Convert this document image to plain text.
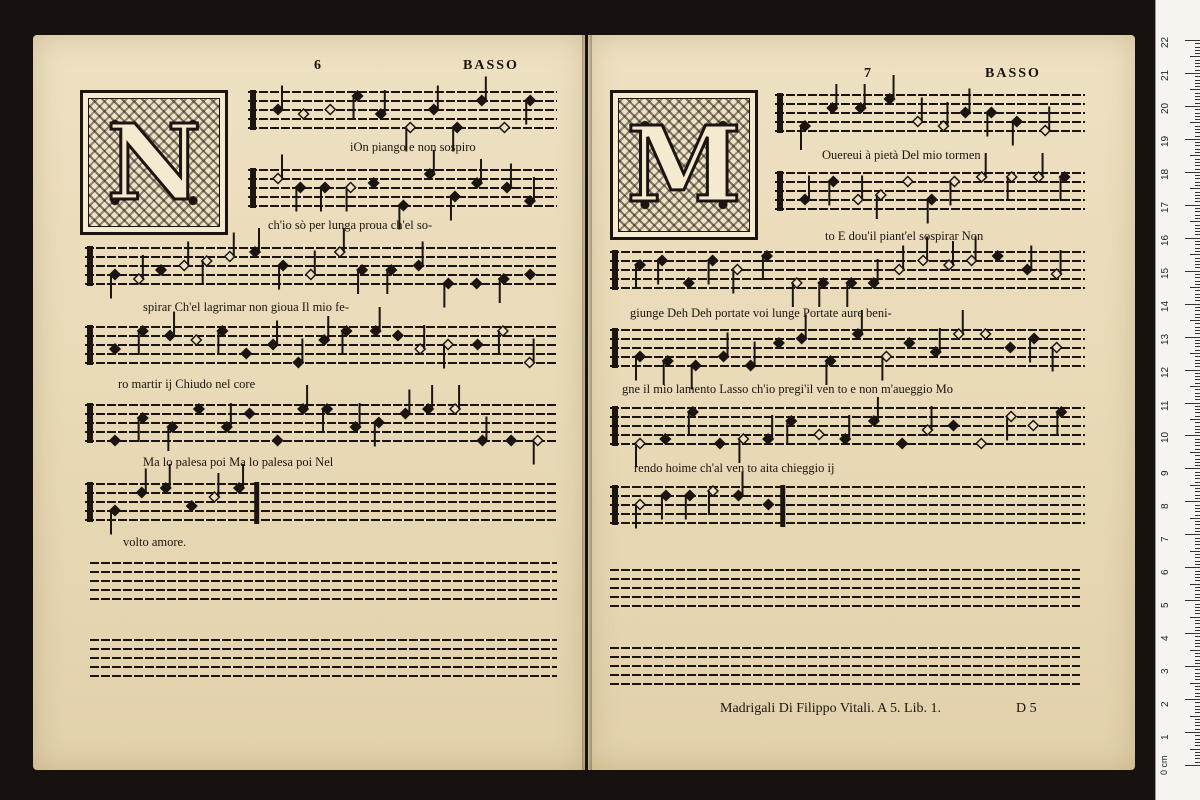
6	BASSO
N	iOn piango e non sospiro
ch'io sò per lunga proua ch'el so-
spirar Ch'el lagrimar non gioua Il mio fe-
ro martir ij Chiudo nel core
Ma lo palesa poi Ma lo palesa poi Nel
volto amore.
7	BASSO
M	Ouereui à pietà Del mio tormen
to E dou'il piant'el sospirar Non
giunge Deh Deh portate voi lunge Portate aure beni-
gne il mio lamento Lasso ch'io pregi'il ven to e non m'aueggio Mo
rendo hoime ch'al ven to aita chieggio ij
Madrigali Di Filippo Vitali. A 5. Lib. 1.	D 5
0 cm
1
2
3
4
5
6
7
8
9
10
11
12
13
14
15
16
17
18
19
20
21
22
